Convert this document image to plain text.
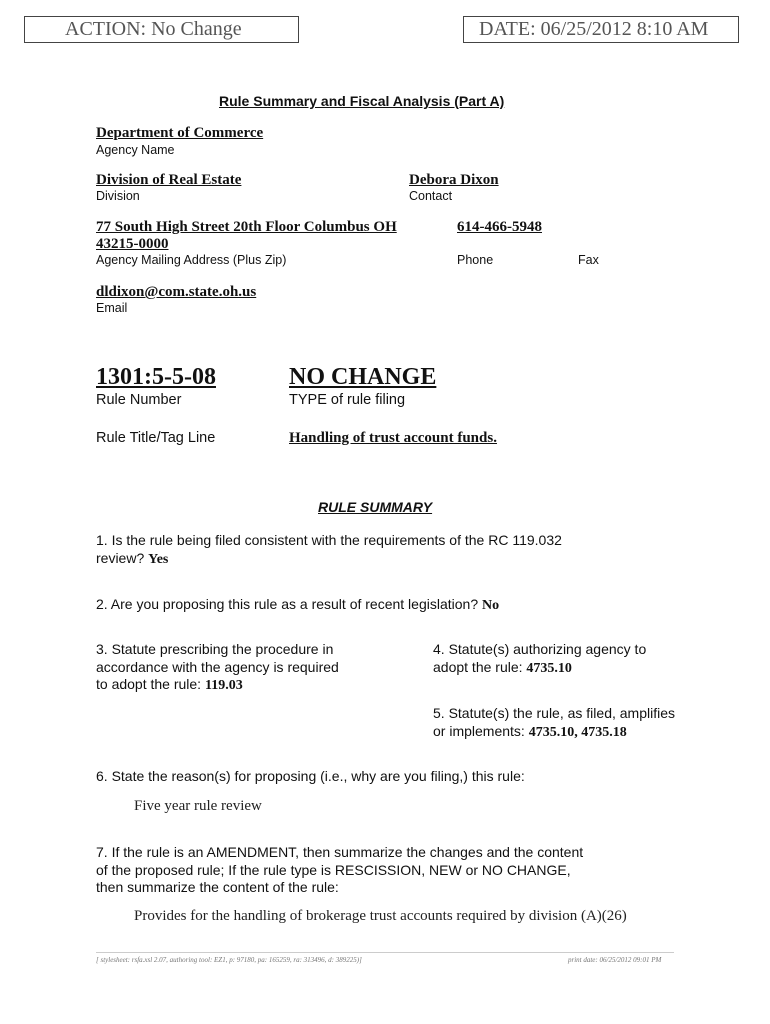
ACTION: No Change	DATE: 06/25/2012 8:10 AM
Rule Summary and Fiscal Analysis (Part A)
Department of Commerce
Agency Name
Division of Real Estate
Division
Debora Dixon
Contact
77 South High Street 20th Floor Columbus OH
43215-0000
Agency Mailing Address (Plus Zip)
614-466-5948
Phone	Fax
dldixon@com.state.oh.us
Email
1301:5-5-08
Rule Number
NO CHANGE
TYPE of rule filing
Rule Title/Tag Line	Handling of trust account funds.
RULE SUMMARY
1. Is the rule being filed consistent with the requirements of the RC 119.032
review? Yes
2. Are you proposing this rule as a result of recent legislation? No
3. Statute prescribing the procedure in
accordance with the agency is required
to adopt the rule: 119.03
4. Statute(s) authorizing agency to
adopt the rule: 4735.10
5. Statute(s) the rule, as filed, amplifies
or implements: 4735.10, 4735.18
6. State the reason(s) for proposing (i.e., why are you filing,) this rule:
Five year rule review
7. If the rule is an AMENDMENT, then summarize the changes and the content
of the proposed rule; If the rule type is RESCISSION, NEW or NO CHANGE,
then summarize the content of the rule:
Provides for the handling of brokerage trust accounts required by division (A)(26)
[ stylesheet: rsfa.xsl 2.07, authoring tool: EZ1, p: 97180, pa: 165259, ra: 313496, d: 389225)]	print date: 06/25/2012 09:01 PM
